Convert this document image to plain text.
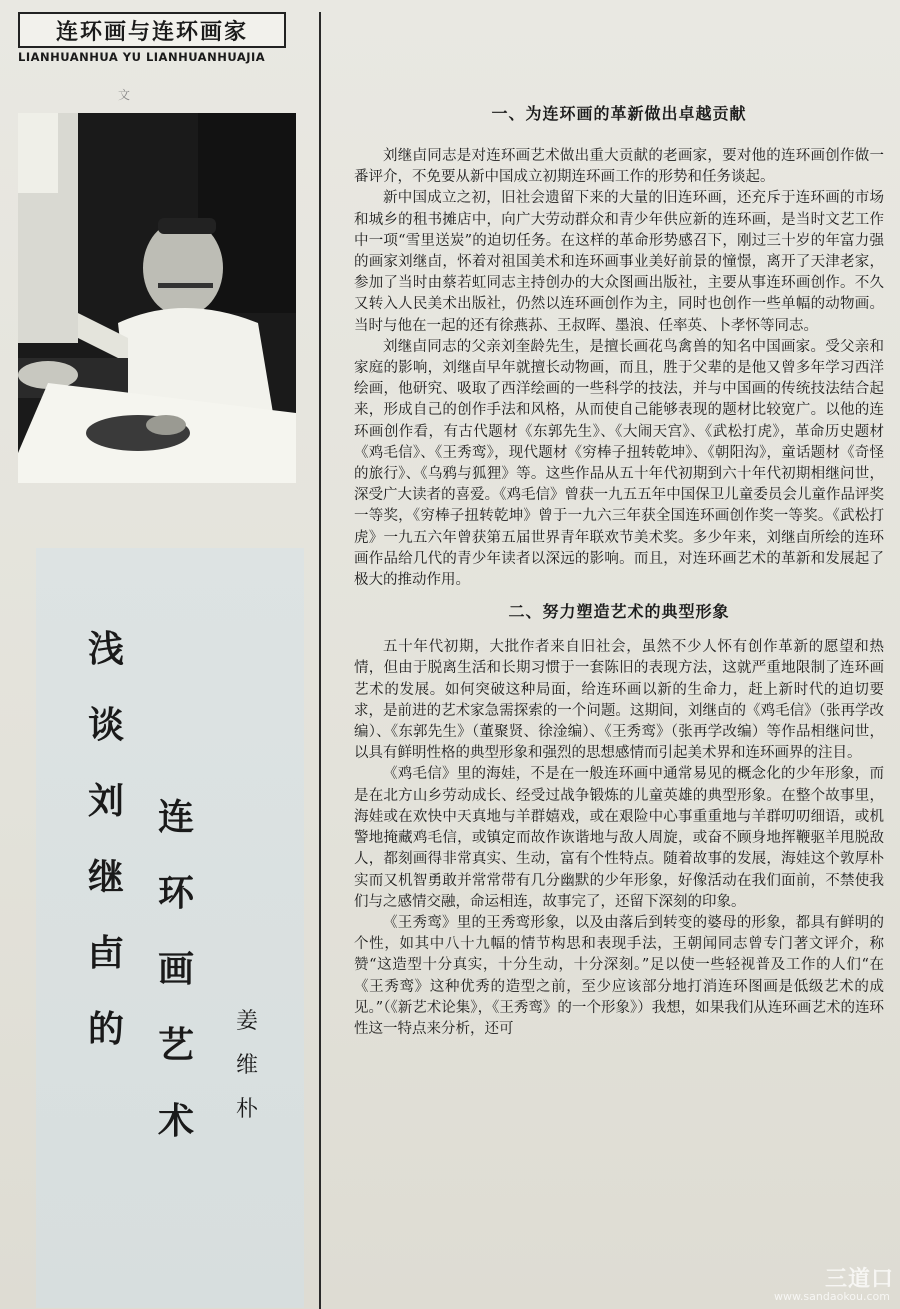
连环画与连环画家
LIANHUANHUA YU LIANHUANHUAJIA
文
浅
谈
刘
继
卣
的
连
环
画
艺
术
姜
维
朴
一、为连环画的革新做出卓越贡献

刘继卣同志是对连环画艺术做出重大贡献的老画家，要对他的连环画创作做一番评介，不免要从新中国成立初期连环画工作的形势和任务谈起。

新中国成立之初，旧社会遗留下来的大量的旧连环画，还充斥于连环画的市场和城乡的租书摊店中，向广大劳动群众和青少年供应新的连环画，是当时文艺工作中一项“雪里送炭”的迫切任务。在这样的革命形势感召下，刚过三十岁的年富力强的画家刘继卣，怀着对祖国美术和连环画事业美好前景的憧憬，离开了天津老家，参加了当时由蔡若虹同志主持创办的大众图画出版社，主要从事连环画创作。不久又转入人民美术出版社，仍然以连环画创作为主，同时也创作一些单幅的动物画。当时与他在一起的还有徐燕荪、王叔晖、墨浪、任率英、卜孝怀等同志。

刘继卣同志的父亲刘奎龄先生，是擅长画花鸟禽兽的知名中国画家。受父亲和家庭的影响，刘继卣早年就擅长动物画，而且，胜于父辈的是他又曾多年学习西洋绘画，他研究、吸取了西洋绘画的一些科学的技法，并与中国画的传统技法结合起来，形成自己的创作手法和风格，从而使自己能够表现的题材比较宽广。以他的连环画创作看，有古代题材《东郭先生》、《大闹天宫》、《武松打虎》，革命历史题材《鸡毛信》、《王秀鸾》，现代题材《穷棒子扭转乾坤》、《朝阳沟》，童话题材《奇怪的旅行》、《乌鸦与狐狸》等。这些作品从五十年代初期到六十年代初期相继问世，深受广大读者的喜爱。《鸡毛信》曾获一九五五年中国保卫儿童委员会儿童作品评奖一等奖，《穷棒子扭转乾坤》曾于一九六三年获全国连环画创作奖一等奖。《武松打虎》一九五六年曾获第五届世界青年联欢节美术奖。多少年来，刘继卣所绘的连环画作品给几代的青少年读者以深远的影响。而且，对连环画艺术的革新和发展起了极大的推动作用。

二、努力塑造艺术的典型形象

五十年代初期，大批作者来自旧社会，虽然不少人怀有创作革新的愿望和热情，但由于脱离生活和长期习惯于一套陈旧的表现方法，这就严重地限制了连环画艺术的发展。如何突破这种局面，给连环画以新的生命力，赶上新时代的迫切要求，是前进的艺术家急需探索的一个问题。这期间，刘继卣的《鸡毛信》（张再学改编）、《东郭先生》（董聚贤、徐淦编）、《王秀鸾》（张再学改编）等作品相继问世，以具有鲜明性格的典型形象和强烈的思想感情而引起美术界和连环画界的注目。

《鸡毛信》里的海娃，不是在一般连环画中通常易见的概念化的少年形象，而是在北方山乡劳动成长、经受过战争锻炼的儿童英雄的典型形象。在整个故事里，海娃或在欢快中天真地与羊群嬉戏，或在艰险中心事重重地与羊群叨叨细语，或机警地掩藏鸡毛信，或镇定而故作诙谐地与敌人周旋，或奋不顾身地挥鞭驱羊甩脱敌人，都刻画得非常真实、生动，富有个性特点。随着故事的发展，海娃这个敦厚朴实而又机智勇敢并常常带有几分幽默的少年形象，好像活动在我们面前，不禁使我们与之感情交融，命运相连，故事完了，还留下深刻的印象。

《王秀鸾》里的王秀鸾形象，以及由落后到转变的婆母的形象，都具有鲜明的个性，如其中八十九幅的情节构思和表现手法，王朝闻同志曾专门著文评介，称赞“这造型十分真实，十分生动，十分深刻。”足以使一些轻视普及工作的人们“在《王秀鸾》这种优秀的造型之前，至少应该部分地打消连环图画是低级艺术的成见。”（《新艺术论集》，《王秀鸾》的一个形象》）我想，如果我们从连环画艺术的连环性这一特点来分析，还可

三道口
www.sandaokou.com
